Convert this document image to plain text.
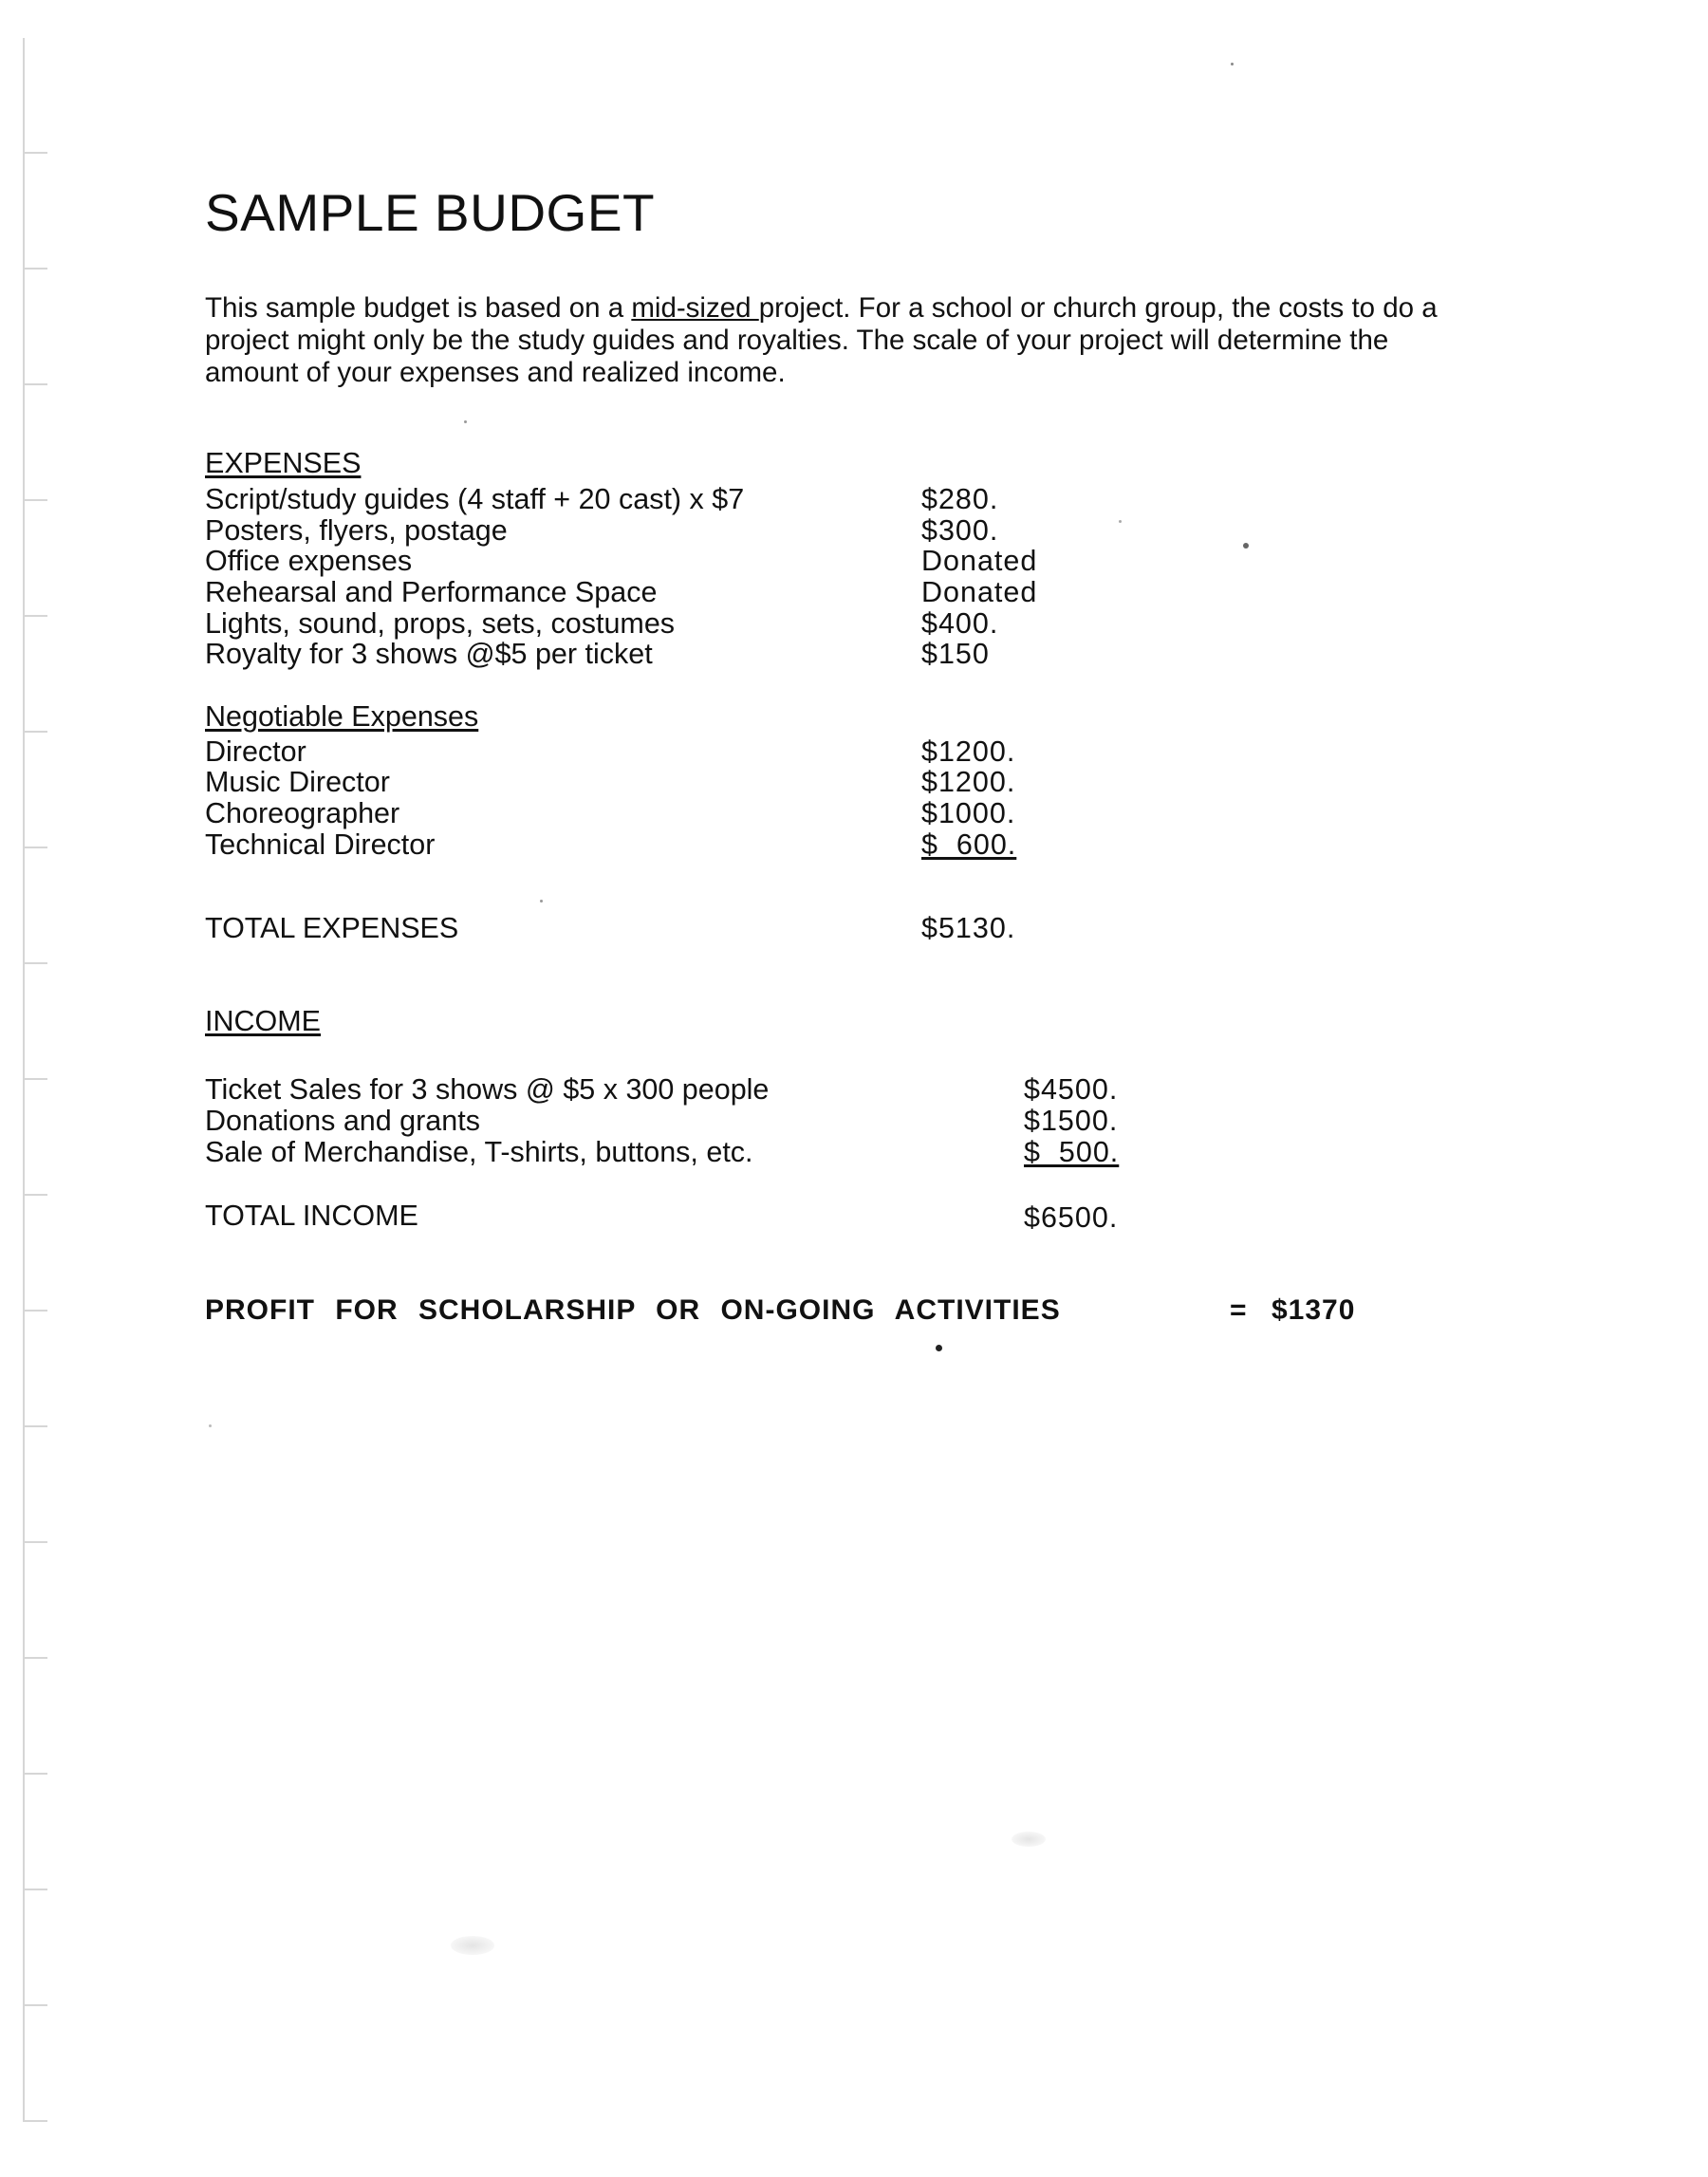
SAMPLE BUDGET

This sample budget is based on a mid-sized project. For a school or church group, the costs to do a project might only be the study guides and royalties. The scale of your project will determine the amount of your expenses and realized income.

EXPENSES
Script/study guides (4 staff + 20 cast) x $7	$280.
Posters, flyers, postage	$300.
Office expenses	Donated
Rehearsal and Performance Space	Donated
Lights, sound, props, sets, costumes	$400.
Royalty for 3 shows @$5 per ticket	$150
Negotiable Expenses
Director	$1200.
Music Director	$1200.
Choreographer	$1000.
Technical Director	$  600.
TOTAL EXPENSES	$5130.
INCOME
Ticket Sales for 3 shows @ $5 x 300 people	$4500.
Donations and grants	$1500.
Sale of Merchandise, T-shirts, buttons, etc.	$  500.
TOTAL INCOME	$6500.
PROFIT FOR SCHOLARSHIP OR ON-GOING ACTIVITIES	= $1370
